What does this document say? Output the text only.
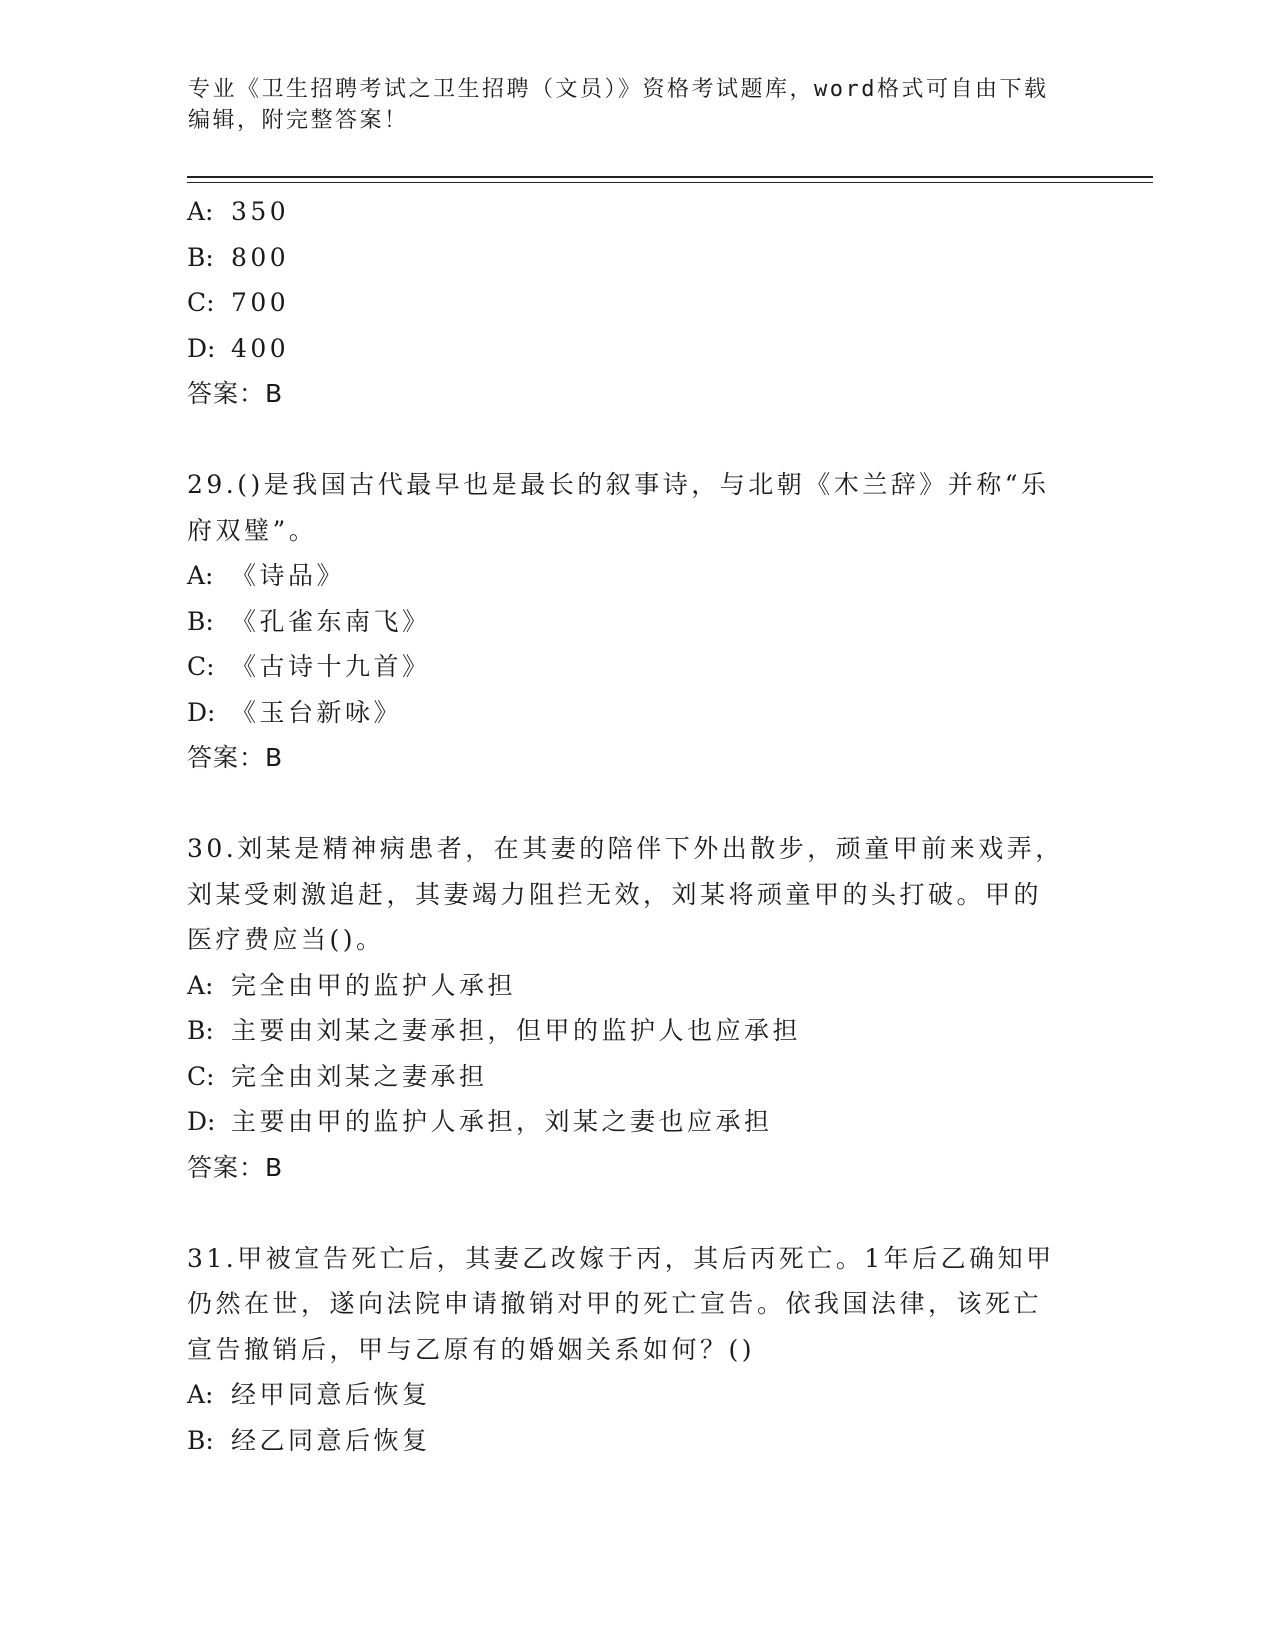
专业《卫生招聘考试之卫生招聘（文员）》资格考试题库，word格式可自由下载
编辑，附完整答案！
A: 350
B: 800
C: 700
D: 400
答案：B
29.()是我国古代最早也是最长的叙事诗，与北朝《木兰辞》并称“乐
府双璧”。
A: 《诗品》
B: 《孔雀东南飞》
C: 《古诗十九首》
D: 《玉台新咏》
答案：B
30.刘某是精神病患者，在其妻的陪伴下外出散步，顽童甲前来戏弄，
刘某受刺激追赶，其妻竭力阻拦无效，刘某将顽童甲的头打破。甲的
医疗费应当()。
A: 完全由甲的监护人承担
B: 主要由刘某之妻承担，但甲的监护人也应承担
C: 完全由刘某之妻承担
D: 主要由甲的监护人承担，刘某之妻也应承担
答案：B
31.甲被宣告死亡后，其妻乙改嫁于丙，其后丙死亡。1年后乙确知甲
仍然在世，遂向法院申请撤销对甲的死亡宣告。依我国法律，该死亡
宣告撤销后，甲与乙原有的婚姻关系如何？()
A: 经甲同意后恢复
B: 经乙同意后恢复
